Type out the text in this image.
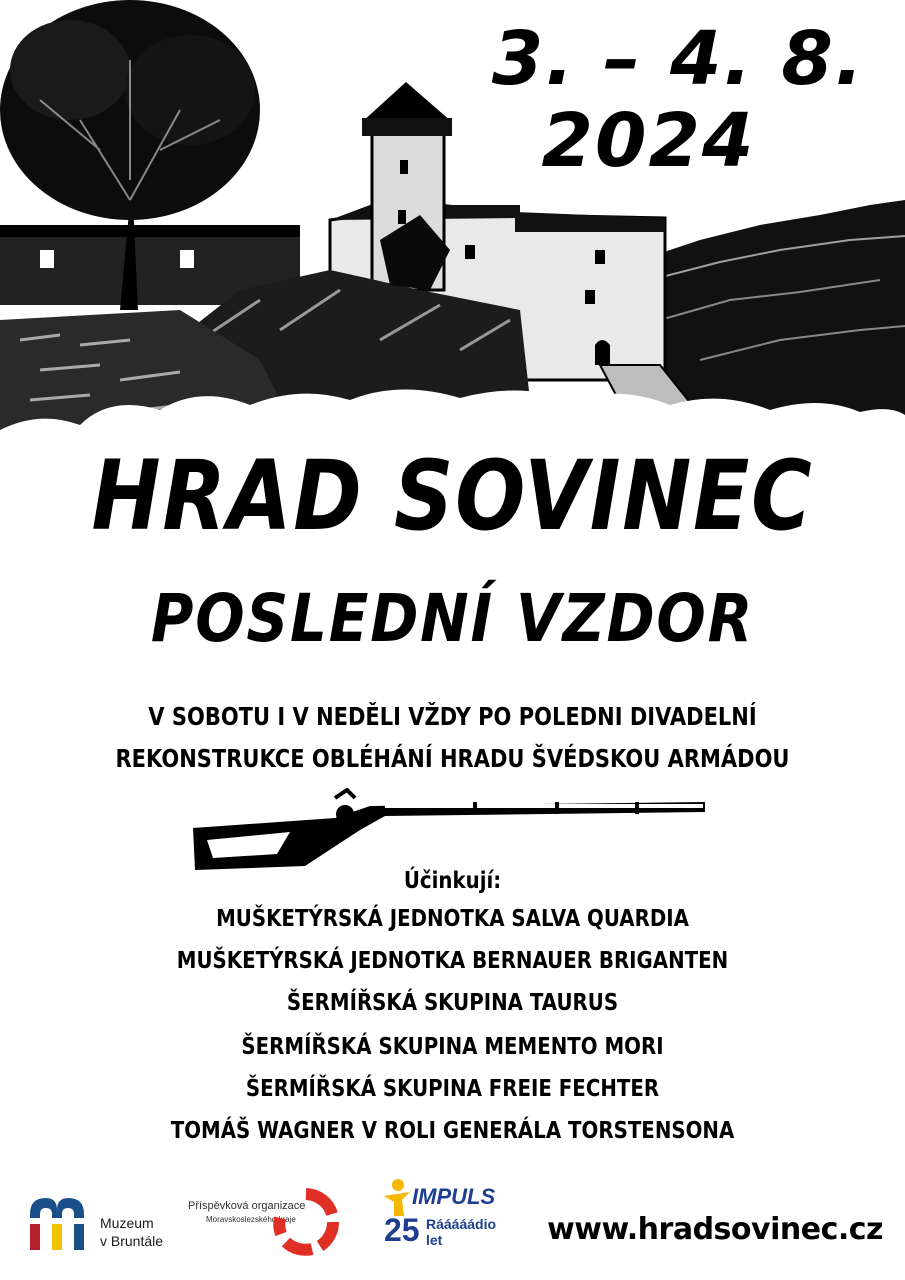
3. – 4. 8.
2024
HRAD SOVINEC
POSLEDNÍ VZDOR
V SOBOTU I V NEDĚLI VŽDY PO POLEDNI DIVADELNÍ
REKONSTRUKCE OBLÉHÁNÍ HRADU ŠVÉDSKOU ARMÁDOU
Účinkují:
MUŠKETÝRSKÁ JEDNOTKA SALVA QUARDIA
MUŠKETÝRSKÁ JEDNOTKA BERNAUER BRIGANTEN
ŠERMÍŘSKÁ SKUPINA TAURUS
ŠERMÍŘSKÁ SKUPINA MEMENTO MORI
ŠERMÍŘSKÁ SKUPINA FREIE FECHTER
TOMÁŠ WAGNER V ROLI GENERÁLA TORSTENSONA
Muzeum
v Bruntále
Příspěvková organizace
Moravskoslezského kraje
IMPULS
25 Rááááádio
let	www.hradsovinec.cz
